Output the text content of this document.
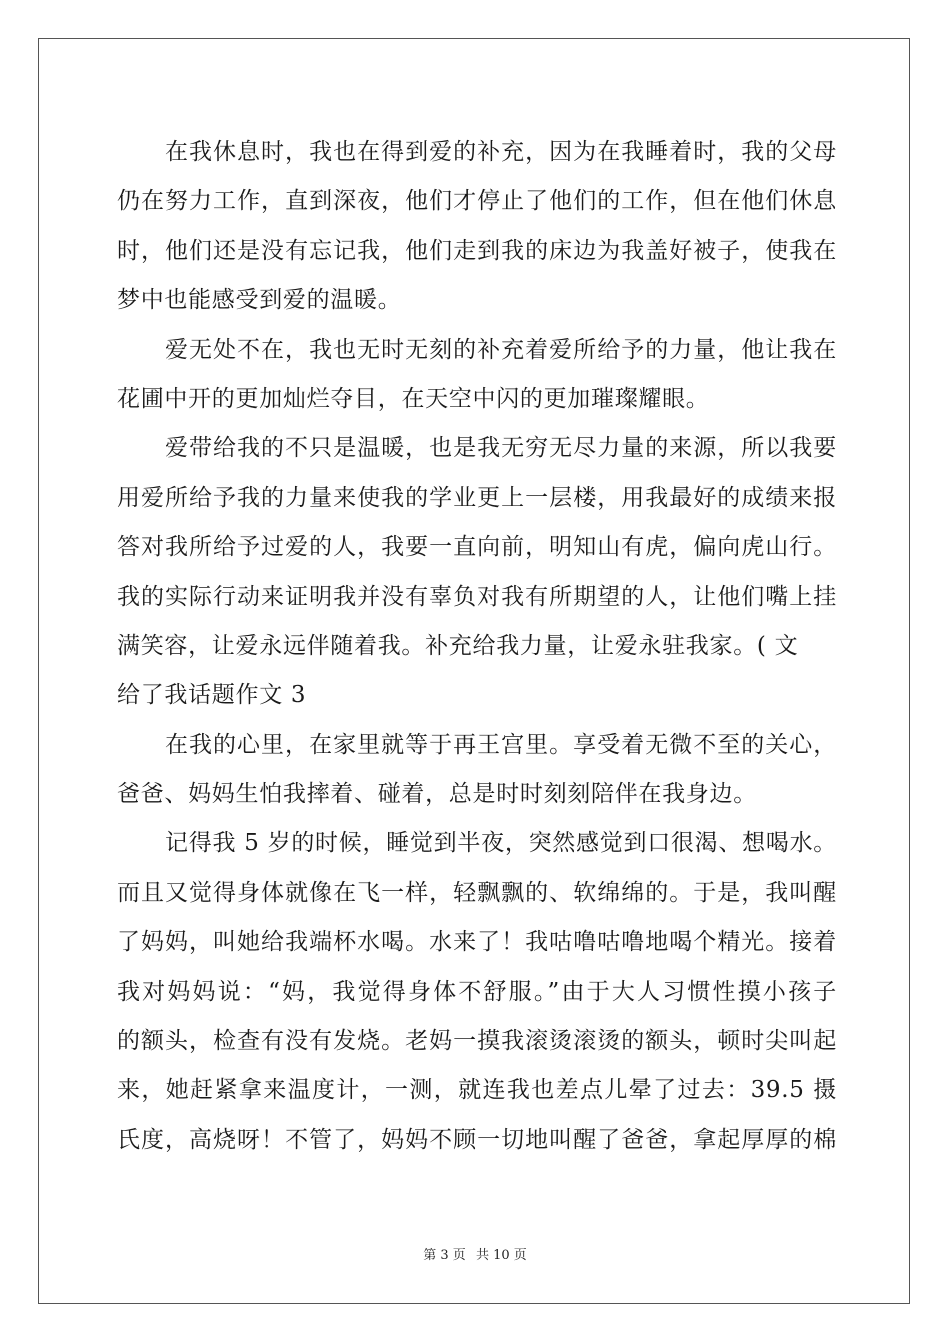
在我休息时，我也在得到爱的补充，因为在我睡着时，我的父母
仍在努力工作，直到深夜，他们才停止了他们的工作，但在他们休息
时，他们还是没有忘记我，他们走到我的床边为我盖好被子，使我在
梦中也能感受到爱的温暖。
爱无处不在，我也无时无刻的补充着爱所给予的力量，他让我在
花圃中开的更加灿烂夺目，在天空中闪的更加璀璨耀眼。
爱带给我的不只是温暖，也是我无穷无尽力量的来源，所以我要
用爱所给予我的力量来使我的学业更上一层楼，用我最好的成绩来报
答对我所给予过爱的人，我要一直向前，明知山有虎，偏向虎山行。
我的实际行动来证明我并没有辜负对我有所期望的人，让他们嘴上挂
满笑容，让爱永远伴随着我。补充给我力量，让爱永驻我家。( 文
给了我话题作文 3
在我的心里，在家里就等于再王宫里。享受着无微不至的关心，
爸爸、妈妈生怕我摔着、碰着，总是时时刻刻陪伴在我身边。
记得我 5 岁的时候，睡觉到半夜，突然感觉到口很渴、想喝水。
而且又觉得身体就像在飞一样，轻飘飘的、软绵绵的。于是，我叫醒
了妈妈，叫她给我端杯水喝。水来了！我咕噜咕噜地喝个精光。接着
我对妈妈说：“妈，我觉得身体不舒服。”由于大人习惯性摸小孩子
的额头，检查有没有发烧。老妈一摸我滚烫滚烫的额头，顿时尖叫起
来，她赶紧拿来温度计，一测，就连我也差点儿晕了过去：39.5 摄
氏度，高烧呀！不管了，妈妈不顾一切地叫醒了爸爸，拿起厚厚的棉
第 3 页 共 10 页
